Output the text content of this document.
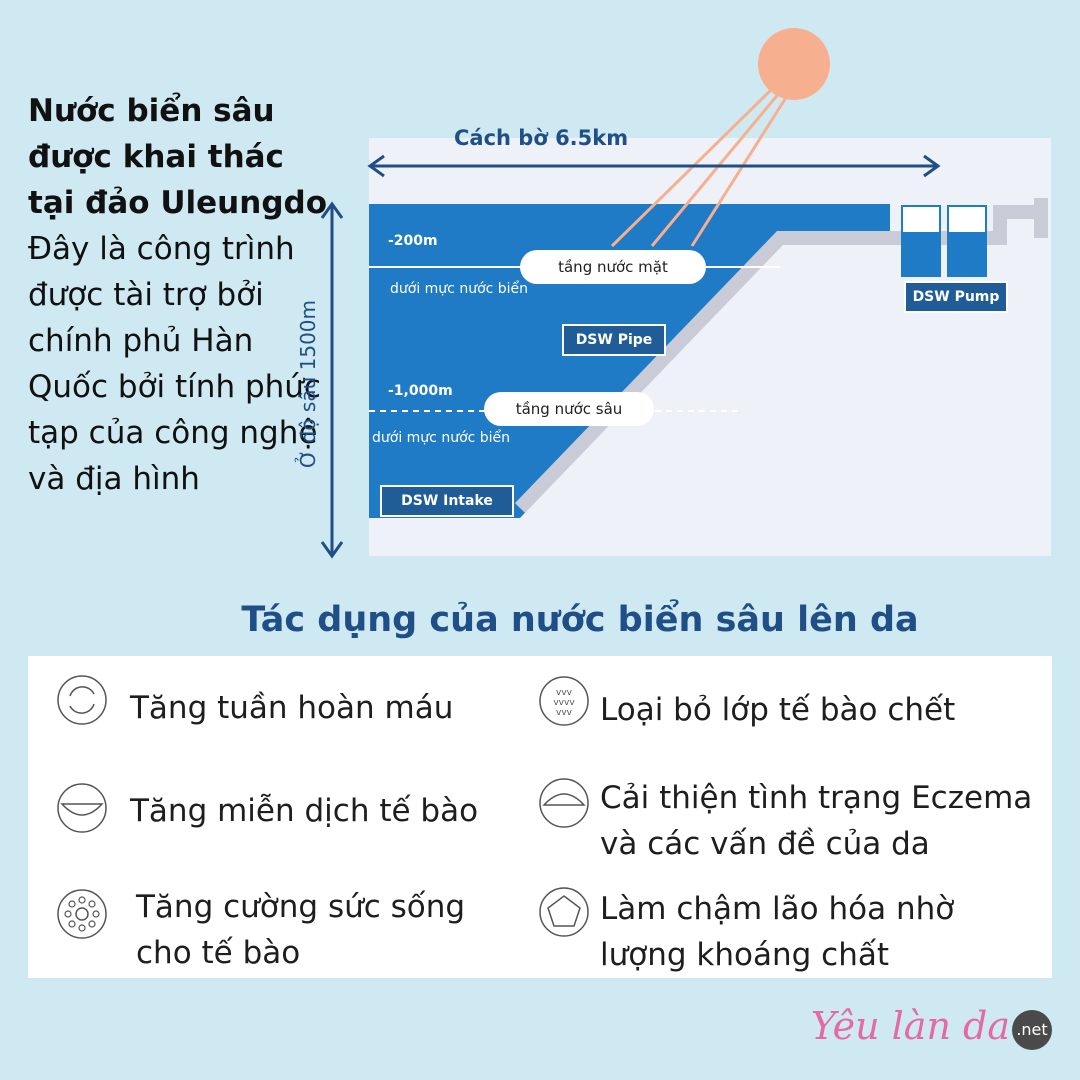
Nước biển sâu được khai thác tại đảo Uleungdo
Đây là công trình được tài trợ bởi chính phủ Hàn Quốc bởi tính phức tạp của công nghệ và địa hình
Cách bờ 6.5km
Ở độ sâu 1500m
-200m
dưới mực nước biển
tầng nước mặt
DSW Pipe
-1,000m
dưới mực nước biển
tầng nước sâu
DSW Intake
DSW Pump
Tác dụng của nước biển sâu lên da
Tăng tuần hoàn máu	vvv
vvvv
vvv Loại bỏ lớp tế bào chết
Tăng miễn dịch tế bào	Cải thiện tình trạng Eczema và các vấn đề của da
Tăng cường sức sống cho tế bào
Làm chậm lão hóa nhờ lượng khoáng chất
Yêu làn da .net
